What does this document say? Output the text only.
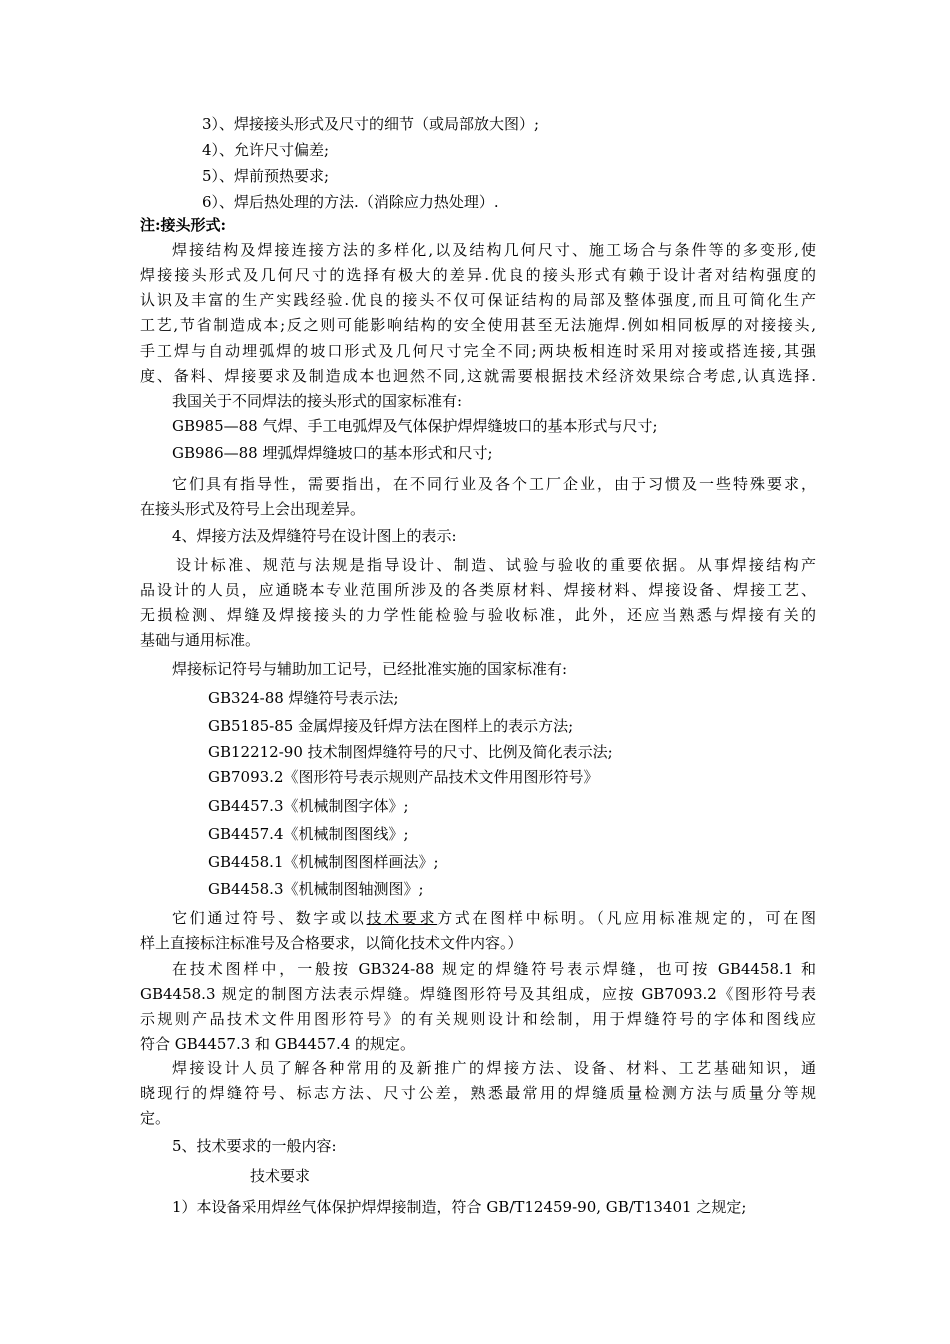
3）、焊接接头形式及尺寸的细节（或局部放大图）;
4）、允许尺寸偏差;
5）、焊前预热要求;
6）、焊后热处理的方法.（消除应力热处理）.
注:接头形式:
焊接结构及焊接连接方法的多样化,以及结构几何尺寸、施工场合与条件等的多变形,使
焊接接头形式及几何尺寸的选择有极大的差异.优良的接头形式有赖于设计者对结构强度的
认识及丰富的生产实践经验.优良的接头不仅可保证结构的局部及整体强度,而且可简化生产
工艺,节省制造成本;反之则可能影响结构的安全使用甚至无法施焊.例如相同板厚的对接接头,
手工焊与自动埋弧焊的坡口形式及几何尺寸完全不同;两块板相连时采用对接或搭连接,其强
度、备料、焊接要求及制造成本也迥然不同,这就需要根据技术经济效果综合考虑,认真选择.
我国关于不同焊法的接头形式的国家标准有:
GB985—88 气焊、手工电弧焊及气体保护焊焊缝坡口的基本形式与尺寸;
GB986—88 埋弧焊焊缝坡口的基本形式和尺寸;
它们具有指导性，需要指出，在不同行业及各个工厂企业，由于习惯及一些特殊要求，
在接头形式及符号上会出现差异。
4、焊接方法及焊缝符号在设计图上的表示:
设计标准、规范与法规是指导设计、制造、试验与验收的重要依据。从事焊接结构产
品设计的人员，应通晓本专业范围所涉及的各类原材料、焊接材料、焊接设备、焊接工艺、
无损检测、焊缝及焊接接头的力学性能检验与验收标准，此外，还应当熟悉与焊接有关的
基础与通用标准。
焊接标记符号与辅助加工记号，已经批准实施的国家标准有:
GB324-88 焊缝符号表示法;
GB5185-85 金属焊接及钎焊方法在图样上的表示方法;
GB12212-90 技术制图焊缝符号的尺寸、比例及简化表示法;
GB7093.2《图形符号表示规则产品技术文件用图形符号》
GB4457.3《机械制图字体》;
GB4457.4《机械制图图线》;
GB4458.1《机械制图图样画法》;
GB4458.3《机械制图轴测图》;
它们通过符号、数字或以技术要求方式在图样中标明。（凡应用标准规定的，可在图
样上直接标注标准号及合格要求，以简化技术文件内容。）
在技术图样中，一般按 GB324-88 规定的焊缝符号表示焊缝，也可按 GB4458.1 和
GB4458.3 规定的制图方法表示焊缝。焊缝图形符号及其组成，应按 GB7093.2《图形符号表
示规则产品技术文件用图形符号》的有关规则设计和绘制，用于焊缝符号的字体和图线应
符合 GB4457.3 和 GB4457.4 的规定。
焊接设计人员了解各种常用的及新推广的焊接方法、设备、材料、工艺基础知识，通
晓现行的焊缝符号、标志方法、尺寸公差，熟悉最常用的焊缝质量检测方法与质量分等规
定。
5、技术要求的一般内容:
技术要求
1）本设备采用焊丝气体保护焊焊接制造，符合 GB/T12459-90, GB/T13401 之规定;
